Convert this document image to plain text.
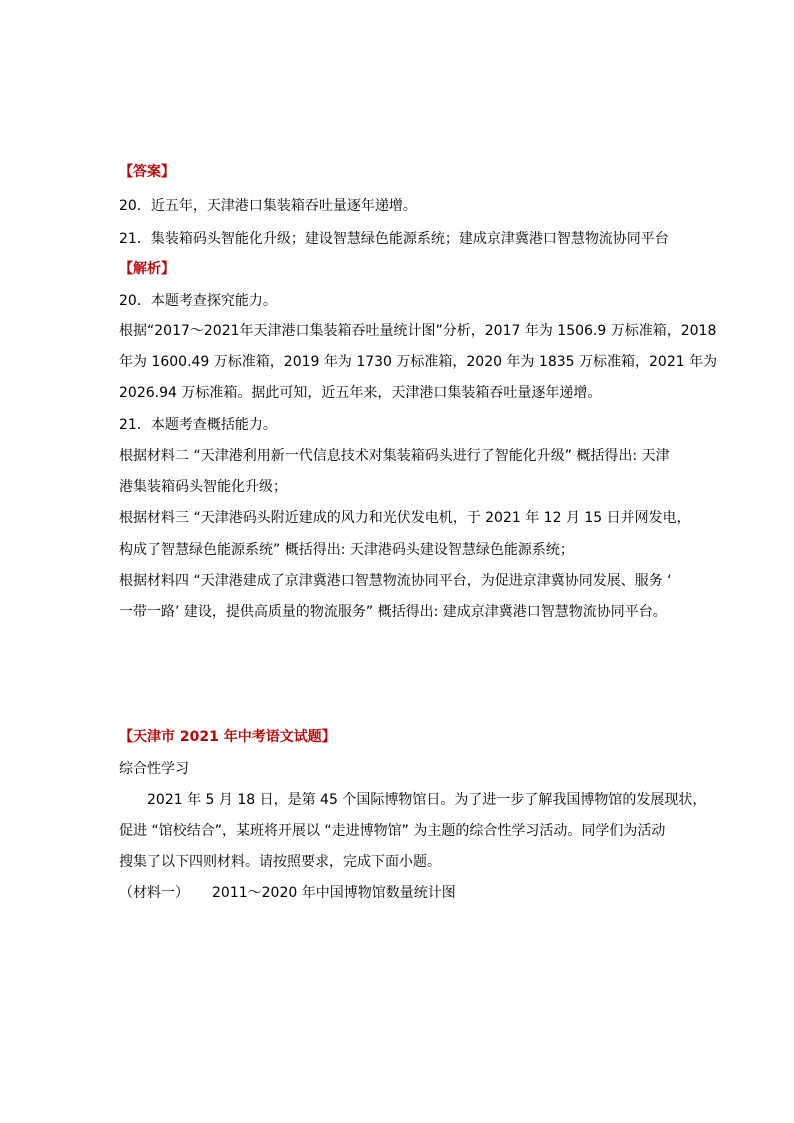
【答案】
20．近五年，天津港口集装箱吞吐量逐年递增。
21．集装箱码头智能化升级；建设智慧绿色能源系统；建成京津冀港口智慧物流协同平台
【解析】
20．本题考查探究能力。
根据“2017～2021年天津港口集装箱吞吐量统计图”分析，2017 年为 1506.9 万标准箱，2018
年为 1600.49 万标准箱，2019 年为 1730 万标准箱，2020 年为 1835 万标准箱，2021 年为
2026.94 万标准箱。据此可知，近五年来，天津港口集装箱吞吐量逐年递增。
21．本题考查概括能力。
根据材料二 “天津港利用新一代信息技术对集装箱码头进行了智能化升级” 概括得出: 天津
港集装箱码头智能化升级；
根据材料三 “天津港码头附近建成的风力和光伏发电机，于 2021 年 12 月 15 日并网发电，
构成了智慧绿色能源系统” 概括得出: 天津港码头建设智慧绿色能源系统；
根据材料四 “天津港建成了京津冀港口智慧物流协同平台，为促进京津冀协同发展、服务 ‘
一带一路’ 建设，提供高质量的物流服务” 概括得出: 建成京津冀港口智慧物流协同平台。
【天津市 2021 年中考语文试题】
综合性学习
2021 年 5 月 18 日，是第 45 个国际博物馆日。为了进一步了解我国博物馆的发展现状，
促进 “馆校结合”，某班将开展以 “走进博物馆” 为主题的综合性学习活动。同学们为活动
搜集了以下四则材料。请按照要求，完成下面小题。
（材料一） 2011～2020 年中国博物馆数量统计图
